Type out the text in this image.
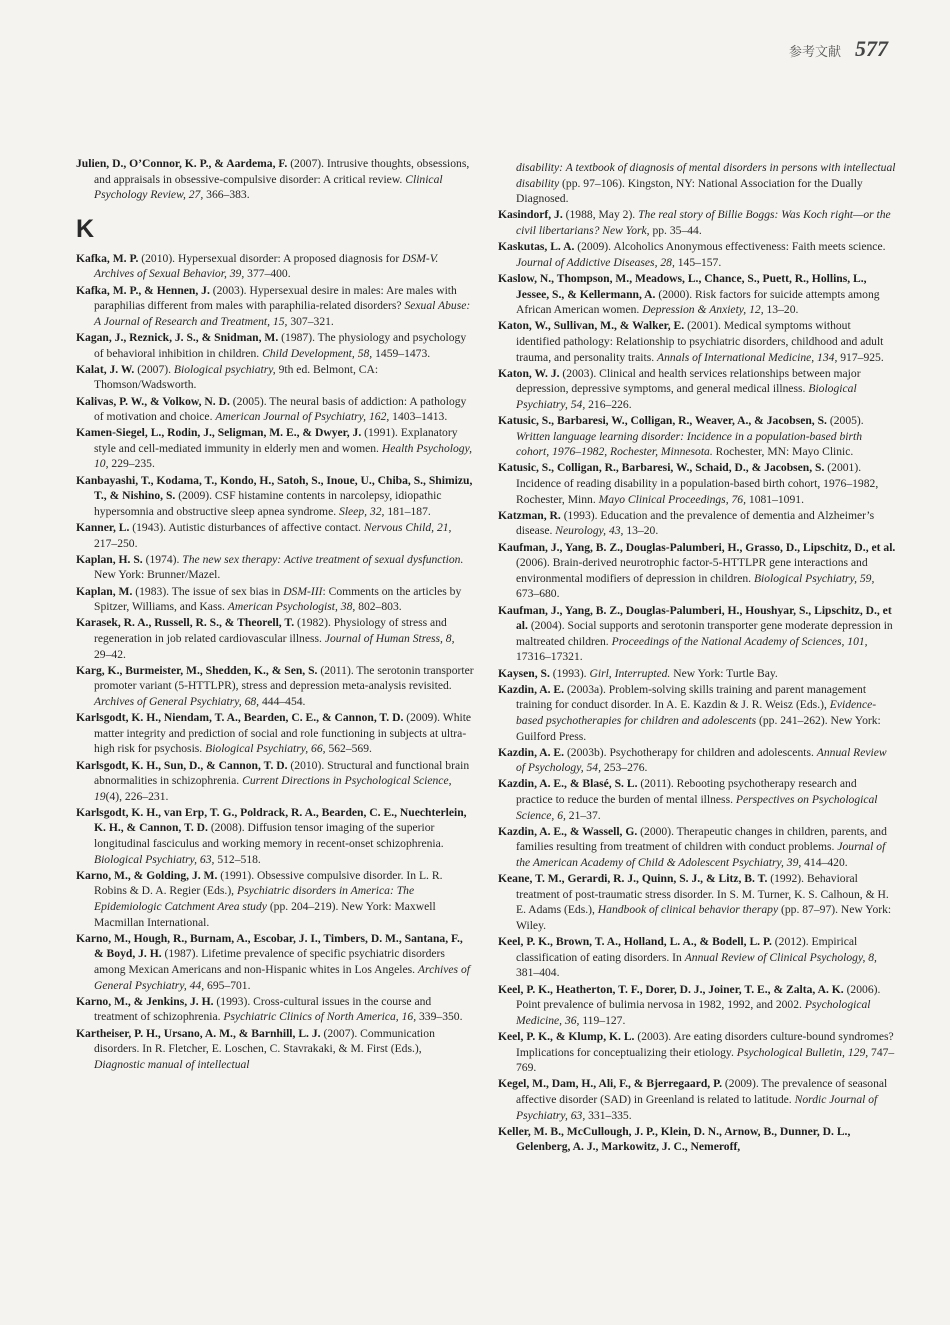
参考文献 577
Julien, D., O’Connor, K. P., & Aardema, F. (2007). Intrusive thoughts, obsessions, and appraisals in obsessive-compulsive disorder: A critical review. Clinical Psychology Review, 27, 366–383.
K
Kafka, M. P. (2010). Hypersexual disorder: A proposed diagnosis for DSM-V. Archives of Sexual Behavior, 39, 377–400.
Kafka, M. P., & Hennen, J. (2003). Hypersexual desire in males: Are males with paraphilias different from males with paraphilia-related disorders? Sexual Abuse: A Journal of Research and Treatment, 15, 307–321.
Kagan, J., Reznick, J. S., & Snidman, M. (1987). The physiology and psychology of behavioral inhibition in children. Child Development, 58, 1459–1473.
Kalat, J. W. (2007). Biological psychiatry, 9th ed. Belmont, CA: Thomson/Wadsworth.
Kalivas, P. W., & Volkow, N. D. (2005). The neural basis of addiction: A pathology of motivation and choice. American Journal of Psychiatry, 162, 1403–1413.
Kamen-Siegel, L., Rodin, J., Seligman, M. E., & Dwyer, J. (1991). Explanatory style and cell-mediated immunity in elderly men and women. Health Psychology, 10, 229–235.
Kanbayashi, T., Kodama, T., Kondo, H., Satoh, S., Inoue, U., Chiba, S., Shimizu, T., & Nishino, S. (2009). CSF histamine contents in narcolepsy, idiopathic hypersomnia and obstructive sleep apnea syndrome. Sleep, 32, 181–187.
Kanner, L. (1943). Autistic disturbances of affective contact. Nervous Child, 21, 217–250.
Kaplan, H. S. (1974). The new sex therapy: Active treatment of sexual dysfunction. New York: Brunner/Mazel.
Kaplan, M. (1983). The issue of sex bias in DSM-III: Comments on the articles by Spitzer, Williams, and Kass. American Psychologist, 38, 802–803.
Karasek, R. A., Russell, R. S., & Theorell, T. (1982). Physiology of stress and regeneration in job related cardiovascular illness. Journal of Human Stress, 8, 29–42.
Karg, K., Burmeister, M., Shedden, K., & Sen, S. (2011). The serotonin transporter promoter variant (5-HTTLPR), stress and depression meta-analysis revisited. Archives of General Psychiatry, 68, 444–454.
Karlsgodt, K. H., Niendam, T. A., Bearden, C. E., & Cannon, T. D. (2009). White matter integrity and prediction of social and role functioning in subjects at ultra-high risk for psychosis. Biological Psychiatry, 66, 562–569.
Karlsgodt, K. H., Sun, D., & Cannon, T. D. (2010). Structural and functional brain abnormalities in schizophrenia. Current Directions in Psychological Science, 19(4), 226–231.
Karlsgodt, K. H., van Erp, T. G., Poldrack, R. A., Bearden, C. E., Nuechterlein, K. H., & Cannon, T. D. (2008). Diffusion tensor imaging of the superior longitudinal fasciculus and working memory in recent-onset schizophrenia. Biological Psychiatry, 63, 512–518.
Karno, M., & Golding, J. M. (1991). Obsessive compulsive disorder. In L. R. Robins & D. A. Regier (Eds.), Psychiatric disorders in America: The Epidemiologic Catchment Area study (pp. 204–219). New York: Maxwell Macmillan International.
Karno, M., Hough, R., Burnam, A., Escobar, J. I., Timbers, D. M., Santana, F., & Boyd, J. H. (1987). Lifetime prevalence of specific psychiatric disorders among Mexican Americans and non-Hispanic whites in Los Angeles. Archives of General Psychiatry, 44, 695–701.
Karno, M., & Jenkins, J. H. (1993). Cross-cultural issues in the course and treatment of schizophrenia. Psychiatric Clinics of North America, 16, 339–350.
Kartheiser, P. H., Ursano, A. M., & Barnhill, L. J. (2007). Communication disorders. In R. Fletcher, E. Loschen, C. Stavrakaki, & M. First (Eds.), Diagnostic manual of intellectual
disability: A textbook of diagnosis of mental disorders in persons with intellectual disability (pp. 97–106). Kingston, NY: National Association for the Dually Diagnosed.
Kasindorf, J. (1988, May 2). The real story of Billie Boggs: Was Koch right—or the civil libertarians? New York, pp. 35–44.
Kaskutas, L. A. (2009). Alcoholics Anonymous effectiveness: Faith meets science. Journal of Addictive Diseases, 28, 145–157.
Kaslow, N., Thompson, M., Meadows, L., Chance, S., Puett, R., Hollins, L., Jessee, S., & Kellermann, A. (2000). Risk factors for suicide attempts among African American women. Depression & Anxiety, 12, 13–20.
Katon, W., Sullivan, M., & Walker, E. (2001). Medical symptoms without identified pathology: Relationship to psychiatric disorders, childhood and adult trauma, and personality traits. Annals of International Medicine, 134, 917–925.
Katon, W. J. (2003). Clinical and health services relationships between major depression, depressive symptoms, and general medical illness. Biological Psychiatry, 54, 216–226.
Katusic, S., Barbaresi, W., Colligan, R., Weaver, A., & Jacobsen, S. (2005). Written language learning disorder: Incidence in a population-based birth cohort, 1976–1982, Rochester, Minnesota. Rochester, MN: Mayo Clinic.
Katusic, S., Colligan, R., Barbaresi, W., Schaid, D., & Jacobsen, S. (2001). Incidence of reading disability in a population-based birth cohort, 1976–1982, Rochester, Minn. Mayo Clinical Proceedings, 76, 1081–1091.
Katzman, R. (1993). Education and the prevalence of dementia and Alzheimer’s disease. Neurology, 43, 13–20.
Kaufman, J., Yang, B. Z., Douglas-Palumberi, H., Grasso, D., Lipschitz, D., et al. (2006). Brain-derived neurotrophic factor-5-HTTLPR gene interactions and environmental modifiers of depression in children. Biological Psychiatry, 59, 673–680.
Kaufman, J., Yang, B. Z., Douglas-Palumberi, H., Houshyar, S., Lipschitz, D., et al. (2004). Social supports and serotonin transporter gene moderate depression in maltreated children. Proceedings of the National Academy of Sciences, 101, 17316–17321.
Kaysen, S. (1993). Girl, Interrupted. New York: Turtle Bay.
Kazdin, A. E. (2003a). Problem-solving skills training and parent management training for conduct disorder. In A. E. Kazdin & J. R. Weisz (Eds.), Evidence-based psychotherapies for children and adolescents (pp. 241–262). New York: Guilford Press.
Kazdin, A. E. (2003b). Psychotherapy for children and adolescents. Annual Review of Psychology, 54, 253–276.
Kazdin, A. E., & Blasé, S. L. (2011). Rebooting psychotherapy research and practice to reduce the burden of mental illness. Perspectives on Psychological Science, 6, 21–37.
Kazdin, A. E., & Wassell, G. (2000). Therapeutic changes in children, parents, and families resulting from treatment of children with conduct problems. Journal of the American Academy of Child & Adolescent Psychiatry, 39, 414–420.
Keane, T. M., Gerardi, R. J., Quinn, S. J., & Litz, B. T. (1992). Behavioral treatment of post-traumatic stress disorder. In S. M. Turner, K. S. Calhoun, & H. E. Adams (Eds.), Handbook of clinical behavior therapy (pp. 87–97). New York: Wiley.
Keel, P. K., Brown, T. A., Holland, L. A., & Bodell, L. P. (2012). Empirical classification of eating disorders. In Annual Review of Clinical Psychology, 8, 381–404.
Keel, P. K., Heatherton, T. F., Dorer, D. J., Joiner, T. E., & Zalta, A. K. (2006). Point prevalence of bulimia nervosa in 1982, 1992, and 2002. Psychological Medicine, 36, 119–127.
Keel, P. K., & Klump, K. L. (2003). Are eating disorders culture-bound syndromes? Implications for conceptualizing their etiology. Psychological Bulletin, 129, 747–769.
Kegel, M., Dam, H., Ali, F., & Bjerregaard, P. (2009). The prevalence of seasonal affective disorder (SAD) in Greenland is related to latitude. Nordic Journal of Psychiatry, 63, 331–335.
Keller, M. B., McCullough, J. P., Klein, D. N., Arnow, B., Dunner, D. L., Gelenberg, A. J., Markowitz, J. C., Nemeroff,
